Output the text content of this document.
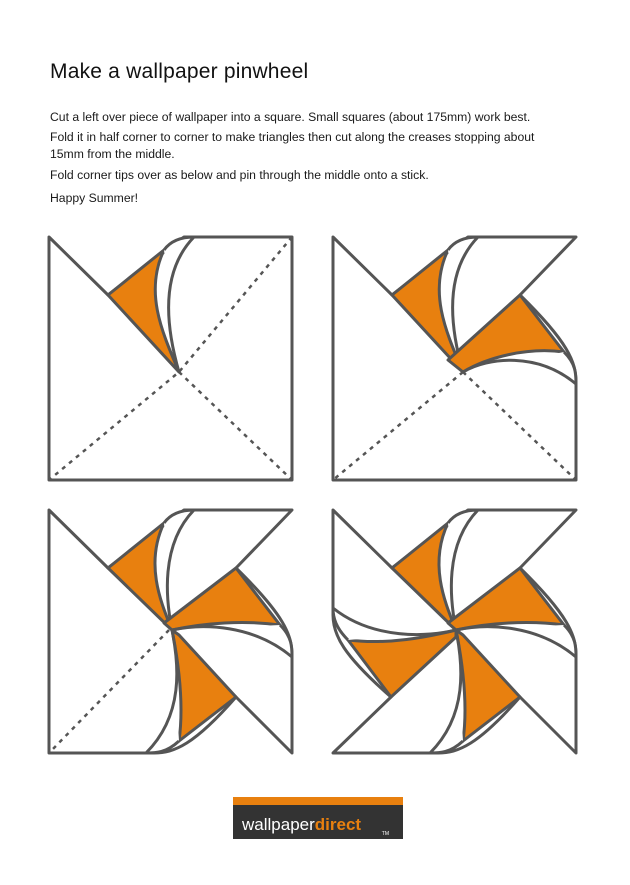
Make a wallpaper pinwheel

Cut a left over piece of wallpaper into a square. Small squares (about 175mm) work best.

Fold it in half corner to corner to make triangles then cut along the creases stopping about 15mm from the middle.

Fold corner tips over as below and pin through the middle onto a stick.

Happy Summer!

wallpaperdirect	TM
